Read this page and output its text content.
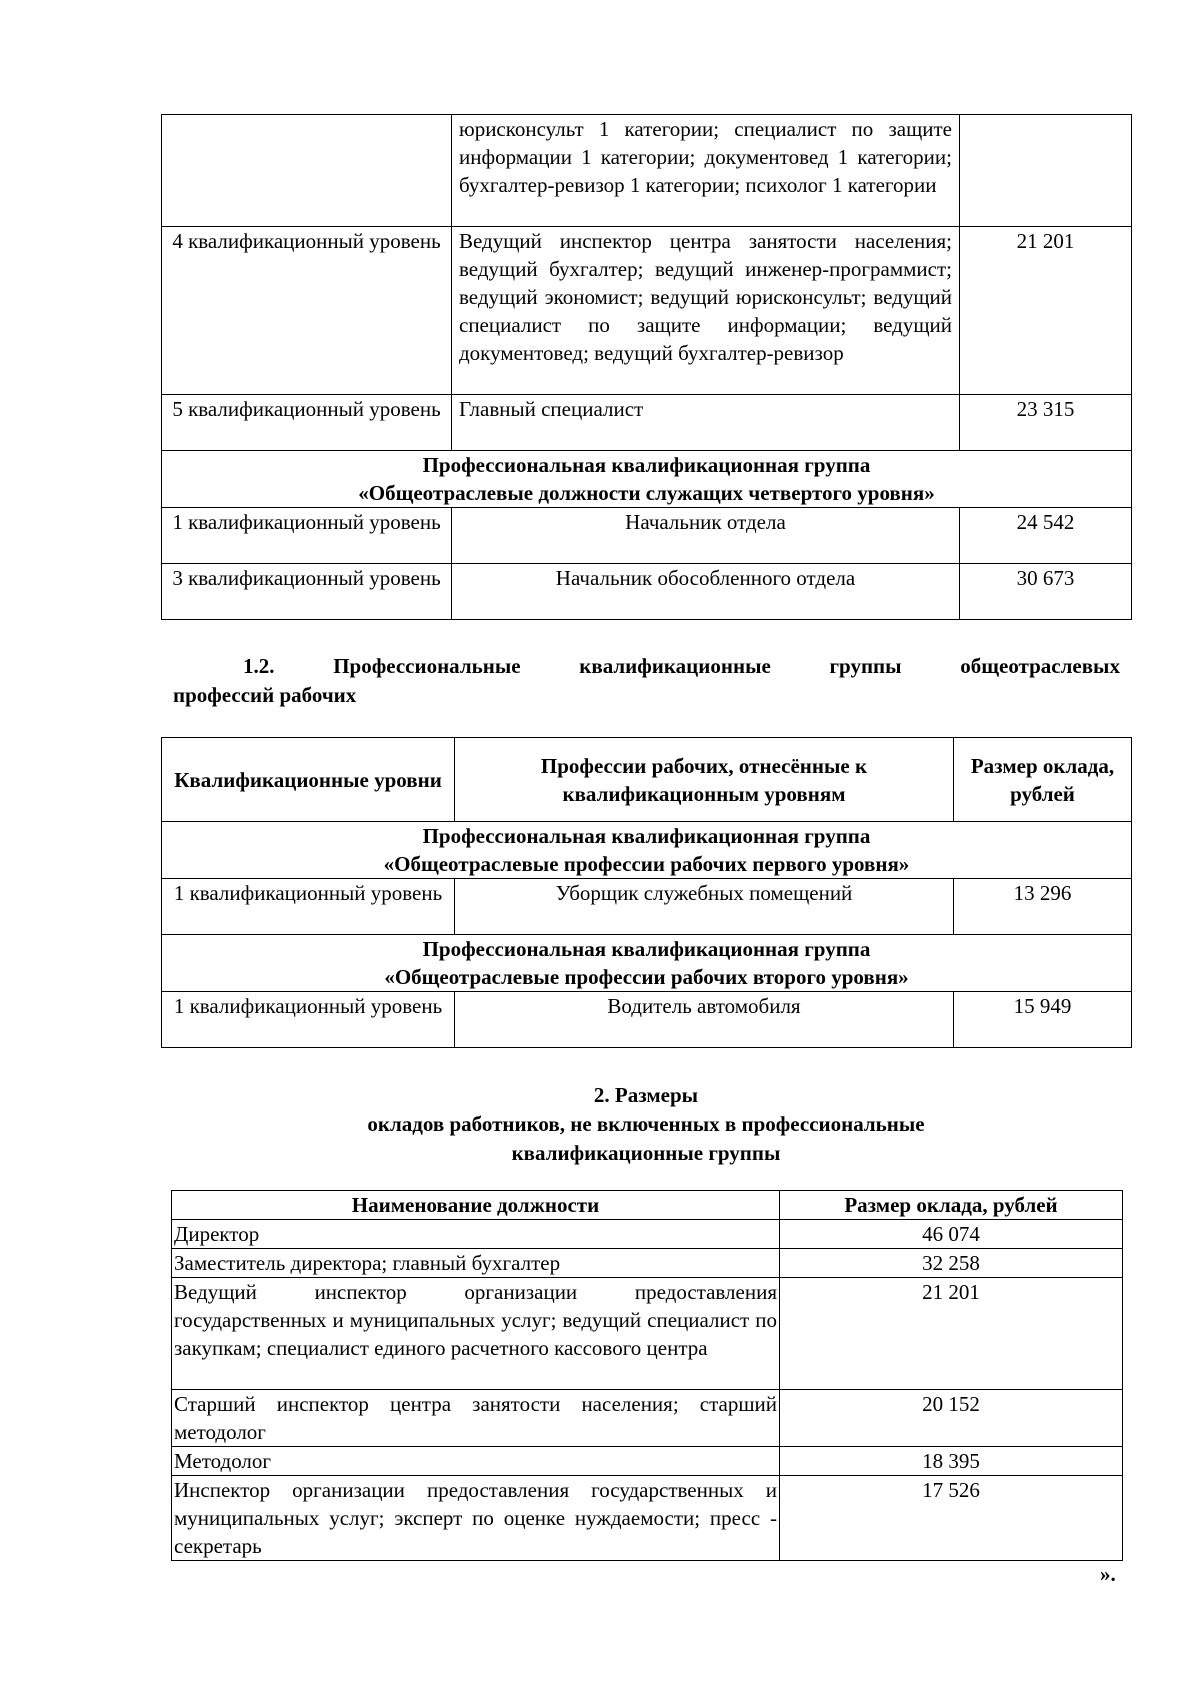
	юрисконсульт 1 категории; специалист по защите информации 1 категории; документовед 1 категории; бухгалтер-ревизор 1 категории; психолог 1 категории	
4 квалификационный уровень	Ведущий инспектор центра занятости населения; ведущий бухгалтер; ведущий инженер-программист; ведущий экономист; ведущий юрисконсульт; ведущий специалист по защите информации; ведущий документовед; ведущий бухгалтер-ревизор	21 201
5 квалификационный уровень	Главный специалист	23 315

Профессиональная квалификационная группа
«Общеотраслевые должности служащих четвертого уровня»		

1 квалификационный уровень	Начальник отдела	24 542
3 квалификационный уровень	Начальник обособленного отдела	30 673
1.2.	Профессиональные	квалификационные	группы	общеотраслевых
профессий рабочих
Квалификационные уровни	Профессии рабочих, отнесённые к квалификационным уровням	Размер оклада, рублей

Профессиональная квалификационная группа
«Общеотраслевые профессии рабочих первого уровня»		

1 квалификационный уровень	Уборщик служебных помещений	13 296

Профессиональная квалификационная группа
«Общеотраслевые профессии рабочих второго уровня»		

1 квалификационный уровень	Водитель автомобиля	15 949
2. Размеры
окладов работников, не включенных в профессиональные
квалификационные группы
Наименование должности	Размер оклада, рублей
Директор	46 074
Заместитель директора; главный бухгалтер	32 258
Ведущий инспектор организации предоставления государственных и муниципальных услуг; ведущий специалист по закупкам; специалист единого расчетного кассового центра	21 201
Старший инспектор центра занятости населения; старший методолог	20 152
Методолог	18 395
Инспектор организации предоставления государственных и муниципальных услуг; эксперт по оценке нуждаемости; пресс - секретарь	17 526
».
